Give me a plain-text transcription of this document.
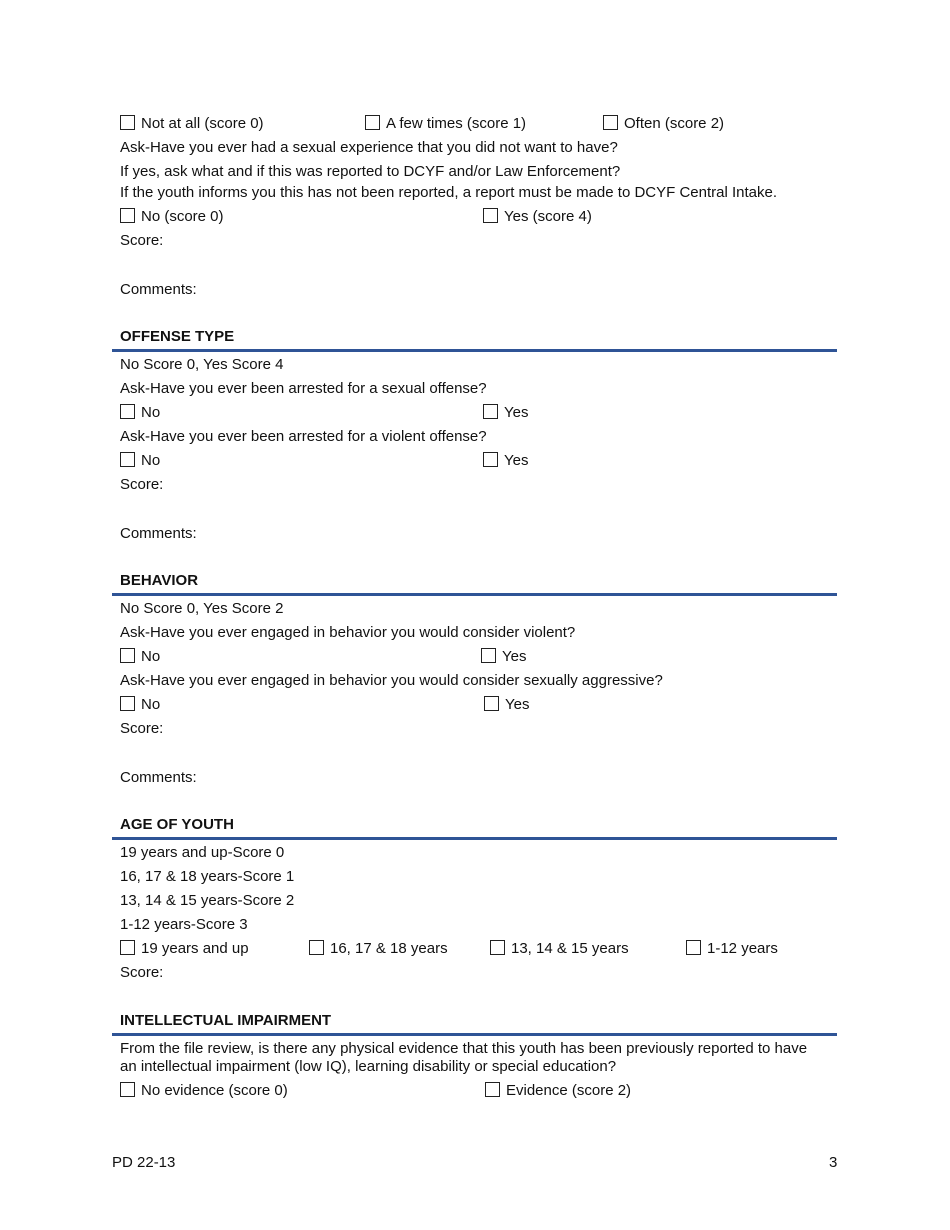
Not at all (score 0)	A few times (score 1)	Often (score 2)
Ask-Have you ever had a sexual experience that you did not want to have?
If yes, ask what and if this was reported to DCYF and/or Law Enforcement?
If the youth informs you this has not been reported, a report must be made to DCYF Central Intake.
No (score 0)	Yes (score 4)
Score:
Comments:
OFFENSE TYPE
No Score 0, Yes Score 4
Ask-Have you ever been arrested for a sexual offense?
No	Yes
Ask-Have you ever been arrested for a violent offense?
No	Yes
Score:
Comments:
BEHAVIOR
No Score 0, Yes Score 2
Ask-Have you ever engaged in behavior you would consider violent?
No	Yes
Ask-Have you ever engaged in behavior you would consider sexually aggressive?
No	Yes
Score:
Comments:
AGE OF YOUTH
19 years and up-Score 0
16, 17 & 18 years-Score 1
13, 14 & 15 years-Score 2
1-12 years-Score 3
19 years and up	16, 17 & 18 years	13, 14 & 15 years	1-12 years
Score:
INTELLECTUAL IMPAIRMENT
From the file review, is there any physical evidence that this youth has been previously reported to have an intellectual impairment (low IQ), learning disability or special education?
No evidence (score 0)	Evidence (score 2)
PD 22-13	3
